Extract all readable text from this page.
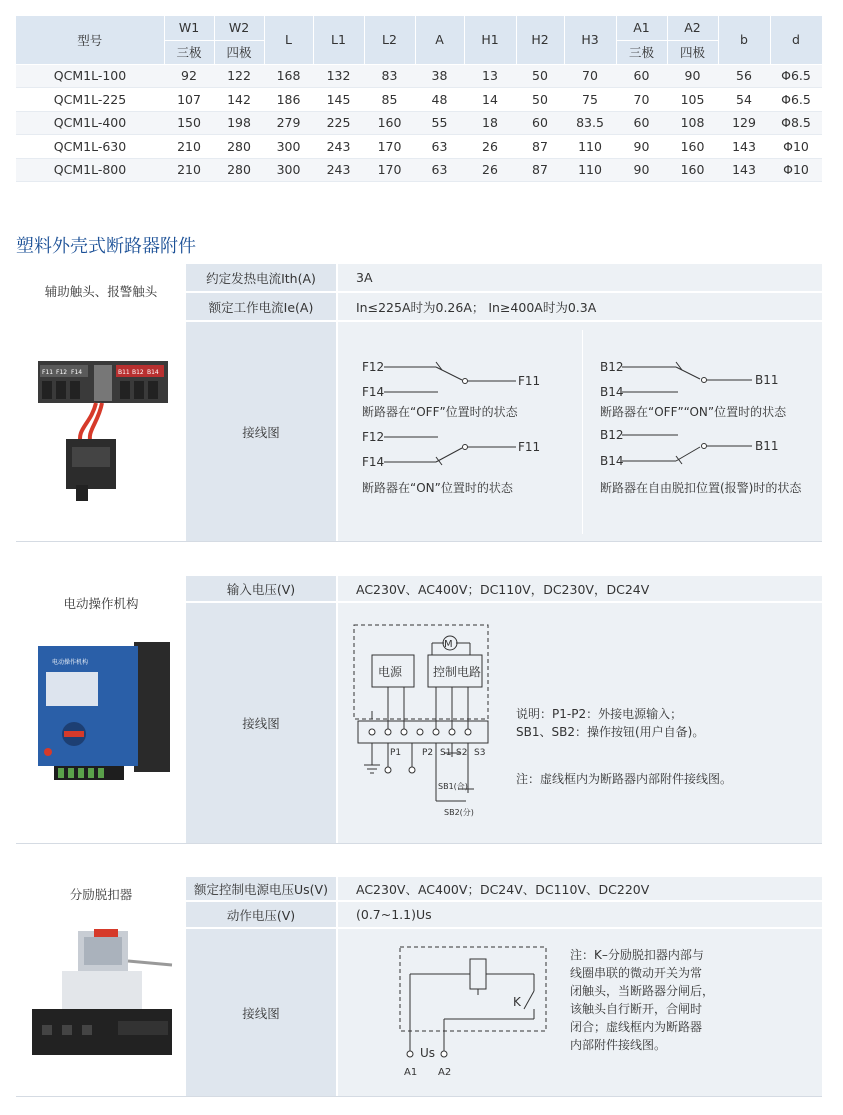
型号	W1	W2	L	L1	L2	A	H1	H2	H3	A1	A2	b	d
	三极	四极								三极	四极		
QCM1L-100	92	122	168	132	83	38	13	50	70	60	90	56	Φ6.5
QCM1L-225	107	142	186	145	85	48	14	50	75	70	105	54	Φ6.5
QCM1L-400	150	198	279	225	160	55	18	60	83.5	60	108	129	Φ8.5
QCM1L-630	210	280	300	243	170	63	26	87	110	90	160	143	Φ10
QCM1L-800	210	280	300	243	170	63	26	87	110	90	160	143	Φ10
塑料外壳式断路器附件
辅助触头、报警触头
F11 F12 F14	B11 B12 B14
约定发热电流Ith(A)	3A
额定工作电流Ie(A)	In≤225A时为0.26A； In≥400A时为0.3A
接线图
F12
F11
F14
断路器在“OFF”位置时的状态
F12
F11
F14
断路器在“ON”位置时的状态
B12
B11
B14
断路器在“OFF”“ON”位置时的状态
B12
B11
B14
断路器在自由脱扣位置(报警)时的状态
电动操作机构
电动操作机构
输入电压(V)	AC230V、AC400V；DC110V，DC230V，DC24V
接线图
M
电源	控制电路
P1 P2 S1 S2 S3
SB1(合)
SB2(分)
说明：P1-P2：外接电源输入；
SB1、SB2：操作按钮(用户自备)。
注：虚线框内为断路器内部附件接线图。
分励脱扣器	额定控制电源电压Us(V)	AC230V、AC400V；DC24V、DC110V、DC220V
动作电压(V)	(0.7~1.1)Us
接线图
K
Us
A1 A2
注：K–分励脱扣器内部与
线圈串联的微动开关为常
闭触头，当断路器分闸后，
该触头自行断开，合闸时
闭合；虚线框内为断路器
内部附件接线图。
